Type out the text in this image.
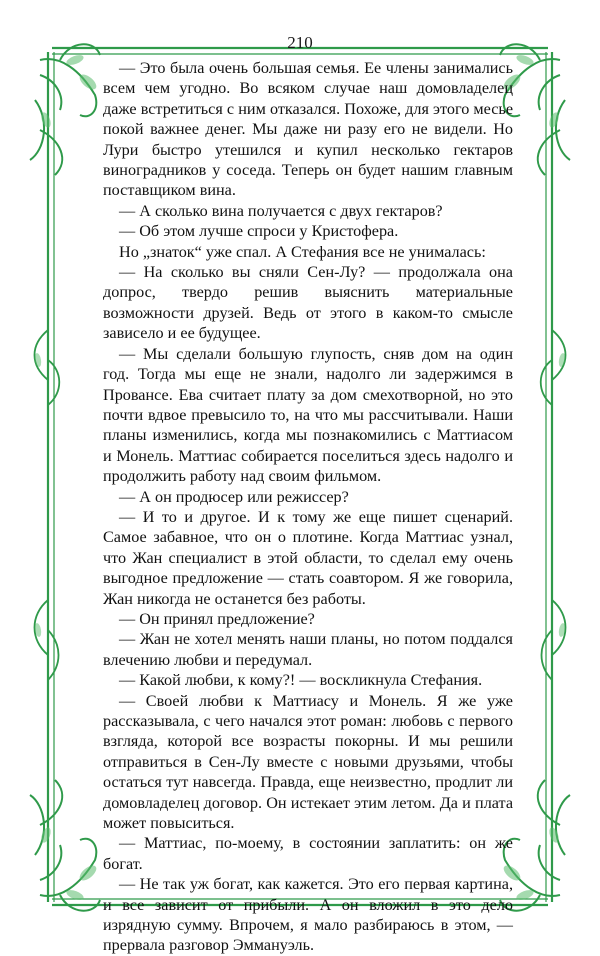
210

— Это была очень большая семья. Ее члены занимались всем чем угодно. Во всяком случае наш домовладелец даже встретиться с ним отказался. Похоже, для этого месье покой важнее денег. Мы даже ни разу его не видели. Но Лури быстро утешился и купил несколько гектаров виноградников у соседа. Теперь он будет нашим главным поставщиком вина.

— А сколько вина получается с двух гектаров?

— Об этом лучше спроси у Кристофера.

Но „знаток“ уже спал. А Стефания все не унималась:

— На сколько вы сняли Сен-Лу? — продолжала она допрос, твердо решив выяснить материальные возможности друзей. Ведь от этого в каком-то смысле зависело и ее будущее.

— Мы сделали большую глупость, сняв дом на один год. Тогда мы еще не знали, надолго ли задержимся в Провансе. Ева считает плату за дом смехотворной, но это почти вдвое превысило то, на что мы рассчитывали. Наши планы изменились, когда мы познакомились с Маттиасом и Монель. Маттиас собирается поселиться здесь надолго и продолжить работу над своим фильмом.

— А он продюсер или режиссер?

— И то и другое. И к тому же еще пишет сценарий. Самое забавное, что он о плотине. Когда Маттиас узнал, что Жан специалист в этой области, то сделал ему очень выгодное предложение — стать соавтором. Я же говорила, Жан никогда не останется без работы.

— Он принял предложение?

— Жан не хотел менять наши планы, но потом поддался влечению любви и передумал.

— Какой любви, к кому?! — воскликнула Стефания.

— Своей любви к Маттиасу и Монель. Я же уже рассказывала, с чего начался этот роман: любовь с первого взгляда, которой все возрасты покорны. И мы решили отправиться в Сен-Лу вместе с новыми друзьями, чтобы остаться тут навсегда. Правда, еще неизвестно, продлит ли домовладелец договор. Он истекает этим летом. Да и плата может повыситься.

— Маттиас, по-моему, в состоянии заплатить: он же богат.

— Не так уж богат, как кажется. Это его первая картина, и все зависит от прибыли. А он вложил в это дело изрядную сумму. Впрочем, я мало разбираюсь в этом, — прервала разговор Эммануэль.
